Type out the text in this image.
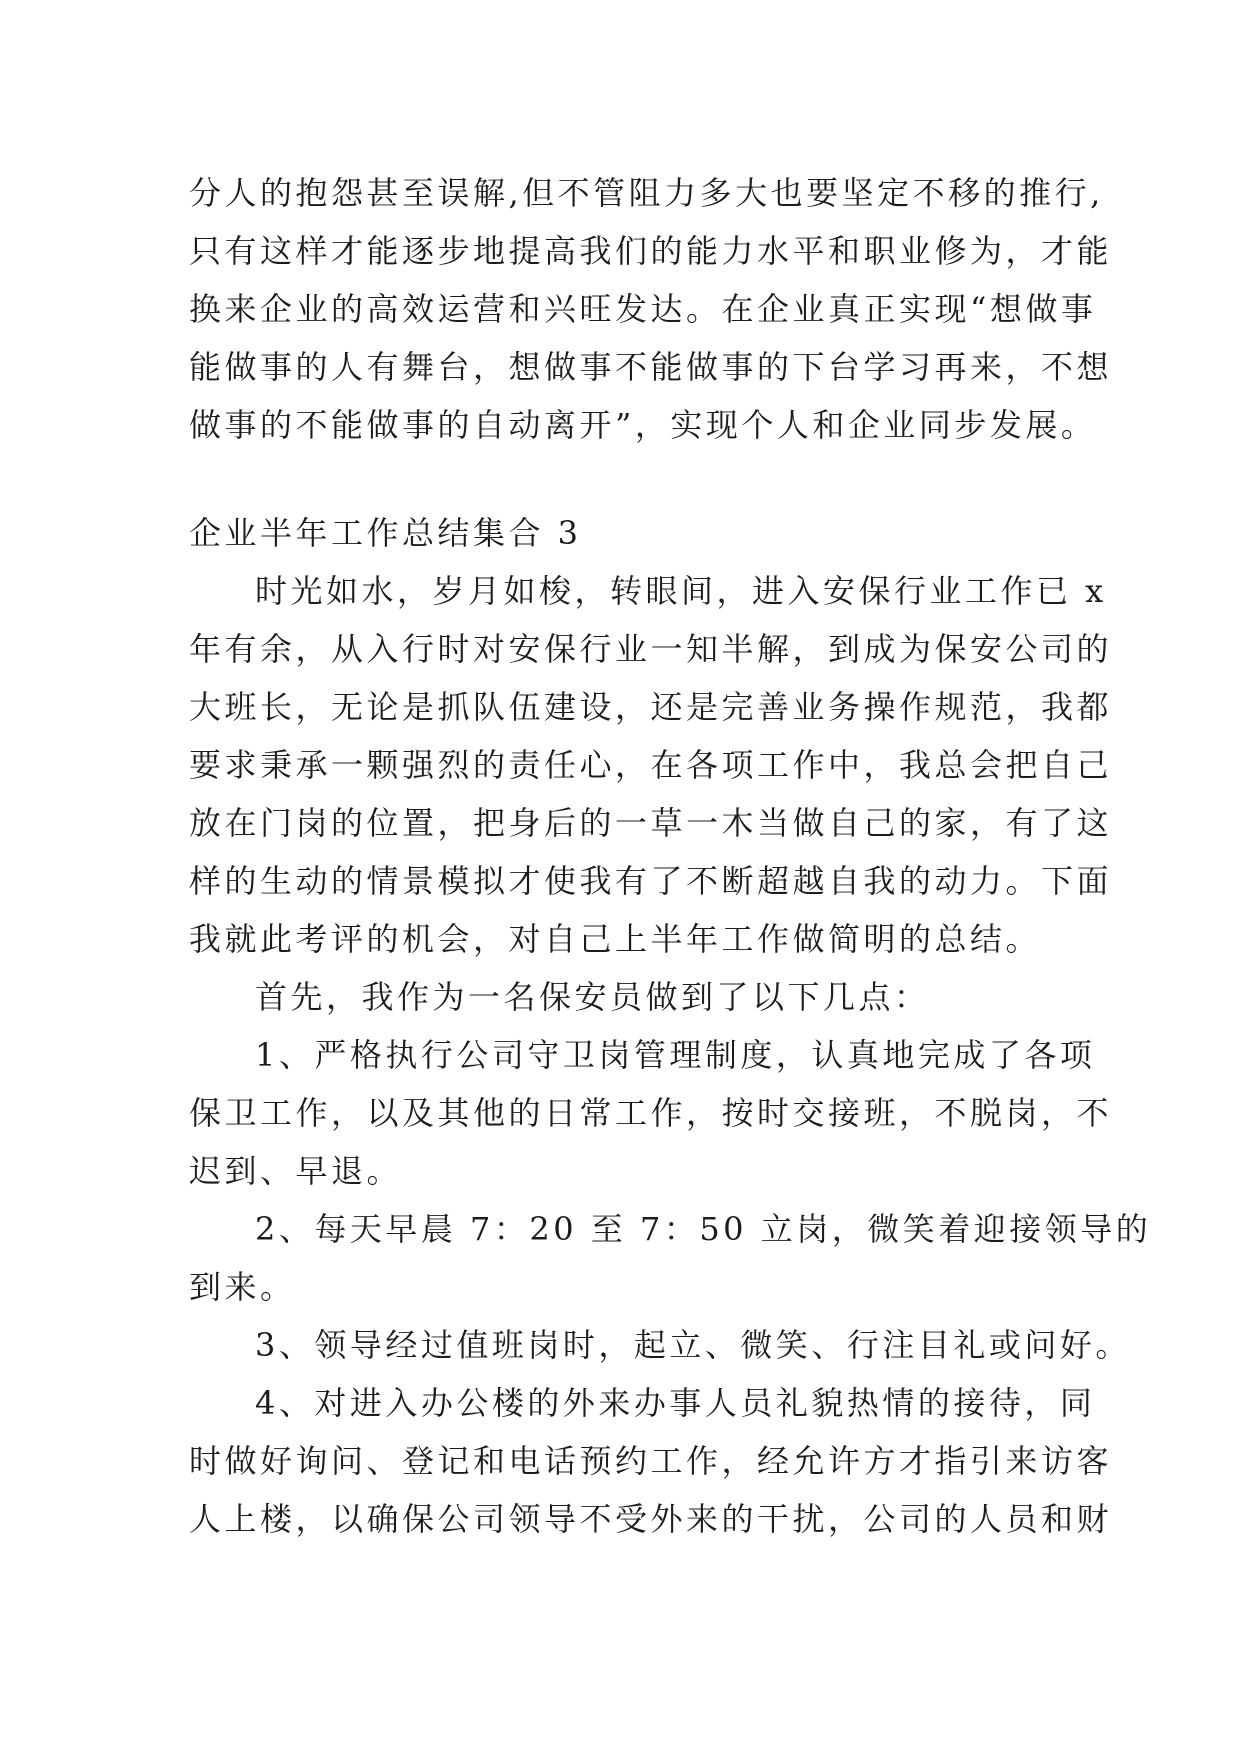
分人的抱怨甚至误解,但不管阻力多大也要坚定不移的推行,
只有这样才能逐步地提高我们的能力水平和职业修为，才能
换来企业的高效运营和兴旺发达。在企业真正实现“想做事
能做事的人有舞台，想做事不能做事的下台学习再来，不想
做事的不能做事的自动离开”，实现个人和企业同步发展。
企业半年工作总结集合 3
时光如水，岁月如梭，转眼间，进入安保行业工作已 x
年有余，从入行时对安保行业一知半解，到成为保安公司的
大班长，无论是抓队伍建设，还是完善业务操作规范，我都
要求秉承一颗强烈的责任心，在各项工作中，我总会把自己
放在门岗的位置，把身后的一草一木当做自己的家，有了这
样的生动的情景模拟才使我有了不断超越自我的动力。下面
我就此考评的机会，对自己上半年工作做简明的总结。
首先，我作为一名保安员做到了以下几点：
1、严格执行公司守卫岗管理制度，认真地完成了各项
保卫工作，以及其他的日常工作，按时交接班，不脱岗，不
迟到、早退。
2、每天早晨 7：20 至 7：50 立岗，微笑着迎接领导的
到来。
3、领导经过值班岗时，起立、微笑、行注目礼或问好。
4、对进入办公楼的外来办事人员礼貌热情的接待，同
时做好询问、登记和电话预约工作，经允许方才指引来访客
人上楼，以确保公司领导不受外来的干扰，公司的人员和财
